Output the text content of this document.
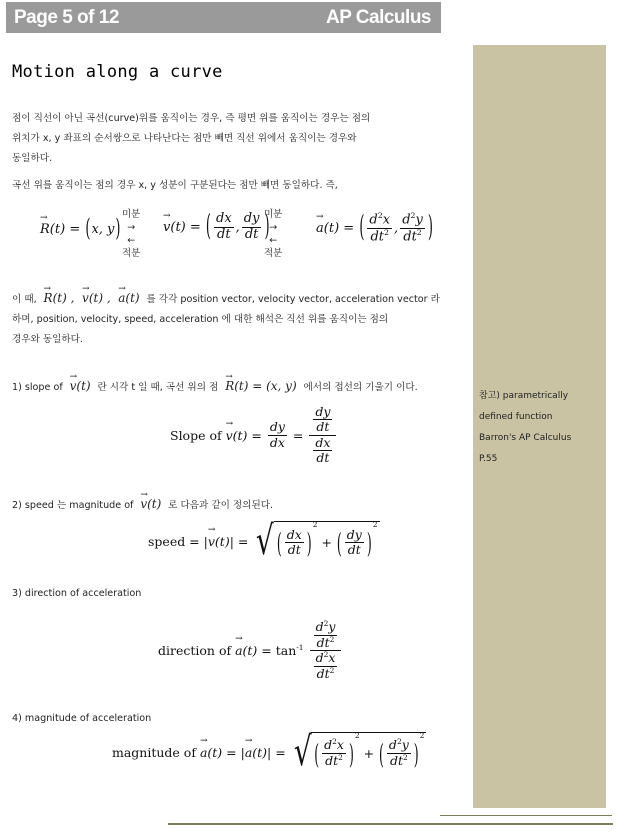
Page 5 of 12	AP Calculus
참고) parametrically
defined function
Barron's AP Calculus
P.55
Motion along a curve
점이 직선이 아닌 곡선(curve)위를 움직이는 경우, 즉 평면 위를 움직이는 경우는 점의
위치가 x, y 좌표의 순서쌍으로 나타난다는 점만 빼면 직선 위에서 움직이는 경우와
동일하다.
곡선 위를 움직이는 점의 경우 x, y 성분이 구분된다는 점만 빼면 동일하다. 즉,
→ R ( t ) = ( x, y )
미분
→
←
적분
→ v ( t ) = ( $\frac{dx}{dt}$ , $\frac{dy}{dt}$ )
미분
→
←
적분
→ a ( t ) = ( $\frac{d^2x}{dt^2}$ , $\frac{d^2y}{dt^2}$ )
이 때, → R(t) ,  → v(t) ,  → a(t)  를 각각 position vector, velocity vector, acceleration vector 라
하며, position, velocity, speed, acceleration 에 대한 해석은 직선 위를 움직이는 점의
경우와 동일하다.
1) slope of → v(t)  란 시각 t 일 때, 곡선 위의 점 → R(t) = (x, y)  에서의 접선의 기울기 이다.
Slope of → v $(t) = \frac{dy}{dx} = \frac{\frac{dy}{dt}}{\frac{dx}{dt}}$
2) speed 는 magnitude of → v(t)  로 다음과 같이 정의된다.
speed = | → v (t) | = √ ( $\frac{dx}{dt}$ )
2
+ ( $\frac{dy}{dt}$ )
2
3) direction of acceleration
direction of → a $(t) = \tan^{-1} \frac{\frac{d^2y}{dt^2}}{\frac{d^2x}{dt^2}}$
4) magnitude of acceleration
magnitude of → a (t) = | → a (t) | = √ ( $\frac{d^2x}{dt^2}$ )
2
+ ( $\frac{d^2y}{dt^2}$ )
2
